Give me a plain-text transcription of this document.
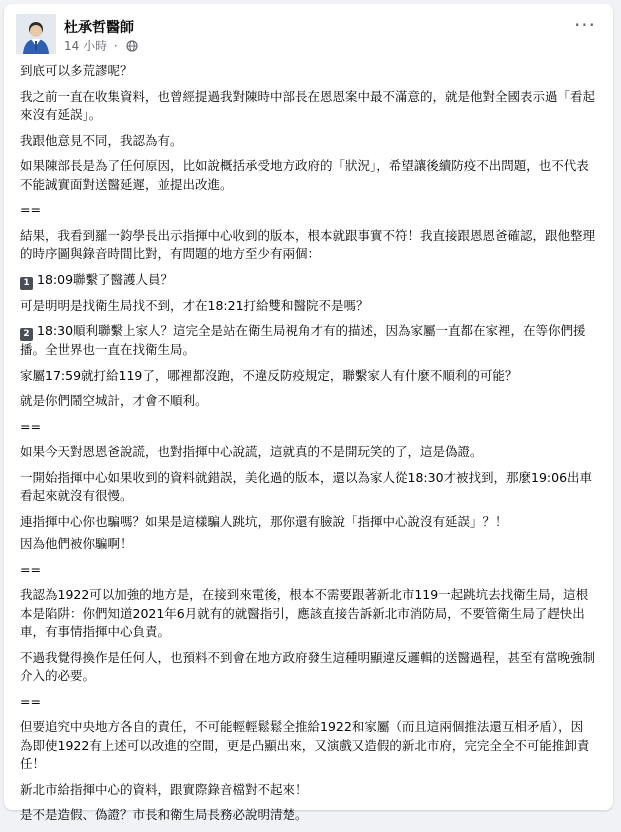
杜承哲醫師
14 小時 ·
···

到底可以多荒謬呢？

我之前一直在收集資料，也曾經提過我對陳時中部長在恩恩案中最不滿意的，就是他對全國表示過「看起來沒有延誤」。

我跟他意見不同，我認為有。

如果陳部長是為了任何原因，比如說概括承受地方政府的「狀況」，希望讓後續防疫不出問題，也不代表不能誠實面對送醫延遲，並提出改進。

==

結果，我看到羅一鈞學長出示指揮中心收到的版本，根本就跟事實不符！我直接跟恩恩爸確認，跟他整理的時序圖與錄音時間比對，有問題的地方至少有兩個：

1 18:09聯繫了醫護人員？

可是明明是找衛生局找不到，才在18:21打給雙和醫院不是嗎？

2 18:30順利聯繫上家人？這完全是站在衛生局視角才有的描述，因為家屬一直都在家裡，在等你們援播。全世界也一直在找衛生局。

家屬17:59就打給119了，哪裡都沒跑，不違反防疫規定，聯繫家人有什麼不順利的可能？

就是你們鬧空城計，才會不順利。

==

如果今天對恩恩爸說謊，也對指揮中心說謊，這就真的不是開玩笑的了，這是偽證。

一開始指揮中心如果收到的資料就錯誤，美化過的版本，還以為家人從18:30才被找到，那麼19:06出車看起來就沒有很慢。

連指揮中心你也騙嗎？如果是這樣騙人跳坑，那你還有臉說「指揮中心說沒有延誤」？！

因為他們被你騙啊！

==

我認為1922可以加強的地方是，在接到來電後，根本不需要跟著新北市119一起跳坑去找衛生局，這根本是陷阱：你們知道2021年6月就有的就醫指引，應該直接告訴新北市消防局，不要管衛生局了趕快出車，有事情指揮中心負責。

不過我覺得換作是任何人，也預料不到會在地方政府發生這種明顯違反邏輯的送醫過程，甚至有當晚強制介入的必要。

==

但要追究中央地方各自的責任，不可能輕輕鬆鬆全推給1922和家屬（而且這兩個推法還互相矛盾），因為即使1922有上述可以改進的空間，更是凸顯出來，又演戲又造假的新北市府，完完全全不可能推卸責任！

新北市給指揮中心的資料，跟實際錄音檔對不起來！

是不是造假、偽證？市長和衛生局長務必說明清楚。
